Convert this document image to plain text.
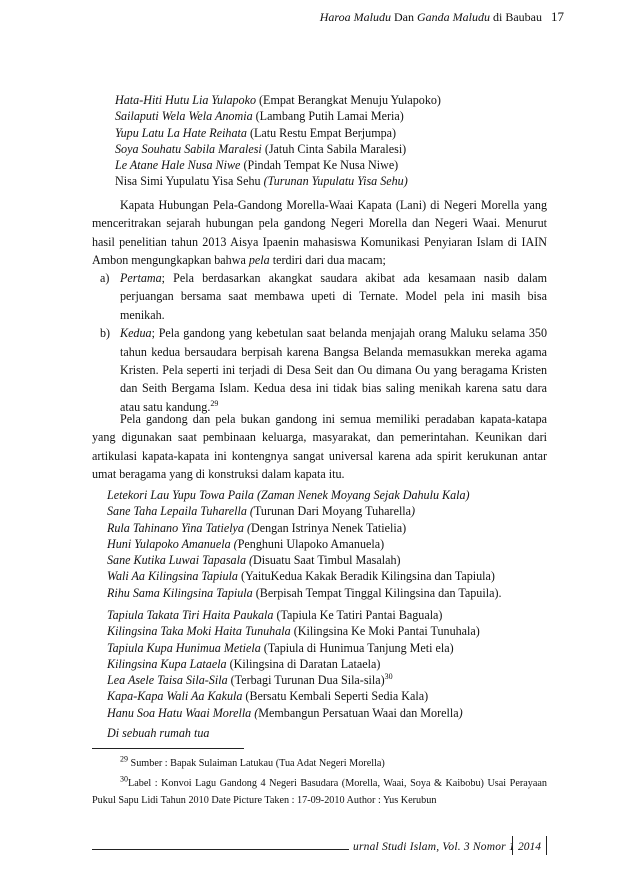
Haroa Maludu Dan Ganda Maludu di Baubau 17
Hata-Hiti Hutu Lia Yulapoko (Empat Berangkat Menuju Yulapoko)
Sailaputi Wela Wela Anomia (Lambang Putih Lamai Meria)
Yupu Latu La Hate Reihata (Latu Restu Empat Berjumpa)
Soya Souhatu Sabila Maralesi (Jatuh Cinta Sabila Maralesi)
Le Atane Hale Nusa Niwe (Pindah Tempat Ke Nusa Niwe)
Nisa Simi Yupulatu Yisa Sehu (Turunan Yupulatu Yisa Sehu)

Kapata Hubungan Pela-Gandong Morella-Waai Kapata (Lani) di Negeri Morella yang menceritrakan sejarah hubungan pela gandong Negeri Morella dan Negeri Waai. Menurut hasil penelitian tahun 2013 Aisya Ipaenin mahasiswa Komunikasi Penyiaran Islam di IAIN Ambon mengungkapkan bahwa pela terdiri dari dua macam;

a) Pertama; Pela berdasarkan akangkat saudara akibat ada kesamaan nasib dalam perjuangan bersama saat membawa upeti di Ternate. Model pela ini masih bisa menikah.
b) Kedua; Pela gandong yang kebetulan saat belanda menjajah orang Maluku selama 350 tahun kedua bersaudara berpisah karena Bangsa Belanda memasukkan mereka agama Kristen. Pela seperti ini terjadi di Desa Seit dan Ou dimana Ou yang beragama Kristen dan Seith Bergama Islam. Kedua desa ini tidak bias saling menikah karena satu dara atau satu kandung.$^{29}$

Pela gandong dan pela bukan gandong ini semua memiliki peradaban kapata-katapa yang digunakan saat pembinaan keluarga, masyarakat, dan pemerintahan. Keunikan dari artikulasi kapata-kapata ini kontengnya sangat universal karena ada spirit kerukunan antar umat beragama yang di konstruksi dalam kapata itu.

Letekori Lau Yupu Towa Paila (Zaman Nenek Moyang Sejak Dahulu Kala)
Sane Taha Lepaila Tuharella (Turunan Dari Moyang Tuharella)
Rula Tahinano Yina Tatielya (Dengan Istrinya Nenek Tatielia)
Huni Yulapoko Amanuela (Penghuni Ulapoko Amanuela)
Sane Kutika Luwai Tapasala (Disuatu Saat Timbul Masalah)
Wali Aa Kilingsina Tapiula (YaituKedua Kakak Beradik Kilingsina dan Tapiula)
Rihu Sama Kilingsina Tapiula (Berpisah Tempat Tinggal Kilingsina dan Tapuila).
Tapiula Takata Tiri Haita Paukala (Tapiula Ke Tatiri Pantai Baguala)
Kilingsina Taka Moki Haita Tunuhala (Kilingsina Ke Moki Pantai Tunuhala)
Tapiula Kupa Hunimua Metiela (Tapiula di Hunimua Tanjung Meti ela)
Kilingsina Kupa Lataela (Kilingsina di Daratan Lataela)
Lea Asele Taisa Sila-Sila (Terbagi Turunan Dua Sila-sila)$^{30}$
Kapa-Kapa Wali Aa Kakula (Bersatu Kembali Seperti Sedia Kala)
Hanu Soa Hatu Waai Morella (Membangun Persatuan Waai dan Morella)
Di sebuah rumah tua
$^{29}$ Sumber : Bapak Sulaiman Latukau (Tua Adat Negeri Morella)
$^{30}$Label : Konvoi Lagu Gandong 4 Negeri Basudara (Morella, Waai, Soya & Kaibobu) Usai Perayaan Pukul Sapu Lidi Tahun 2010 Date Picture Taken : 17-09-2010 Author : Yus Kerubun
urnal Studi Islam, Vol. 3 Nomor 1 2014
